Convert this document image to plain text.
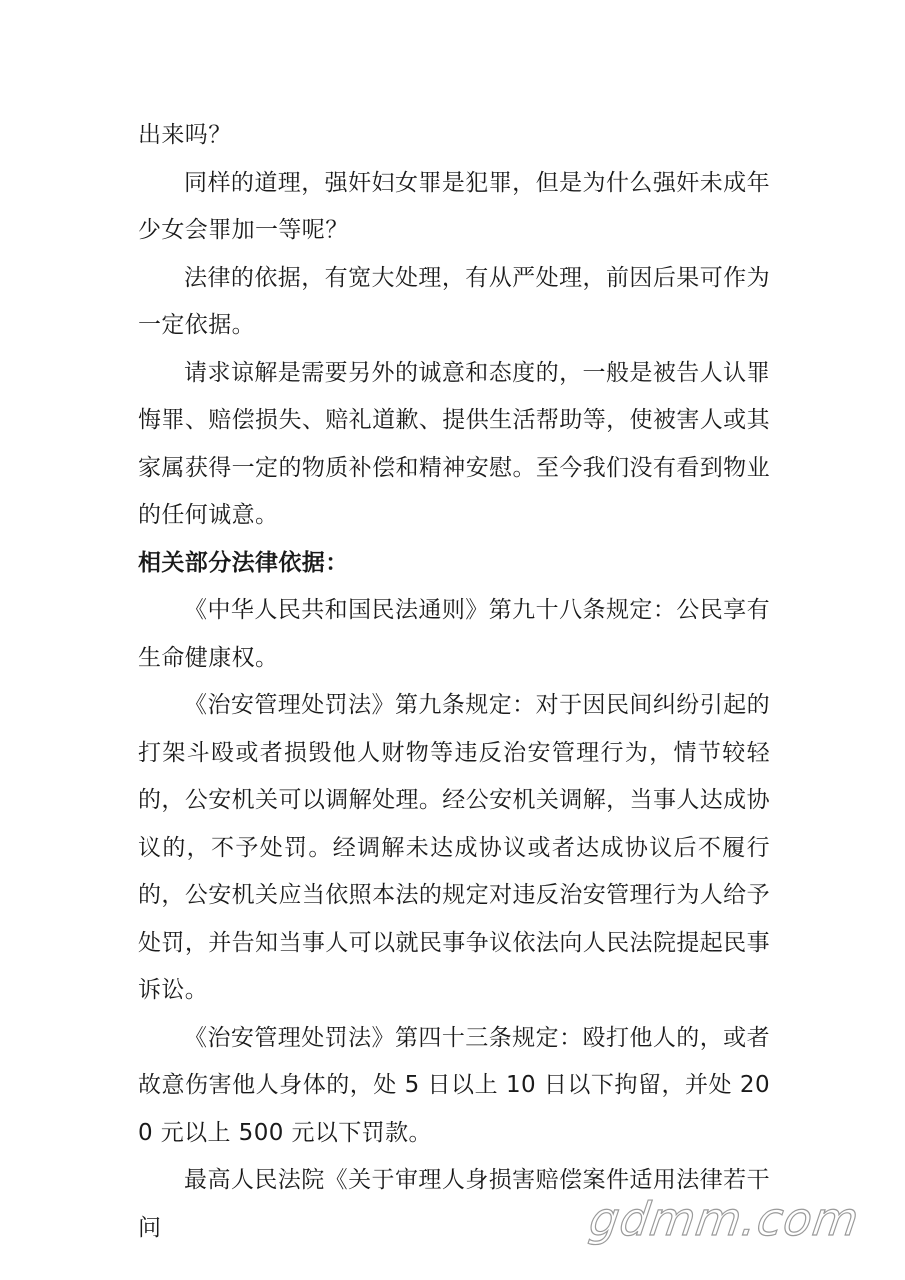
出来吗？

同样的道理，强奸妇女罪是犯罪，但是为什么强奸未成年少女会罪加一等呢？

法律的依据，有宽大处理，有从严处理，前因后果可作为一定依据。

请求谅解是需要另外的诚意和态度的，一般是被告人认罪悔罪、赔偿损失、赔礼道歉、提供生活帮助等，使被害人或其家属获得一定的物质补偿和精神安慰。至今我们没有看到物业的任何诚意。

相关部分法律依据：

《中华人民共和国民法通则》第九十八条规定：公民享有生命健康权。

《治安管理处罚法》第九条规定：对于因民间纠纷引起的打架斗殴或者损毁他人财物等违反治安管理行为，情节较轻的，公安机关可以调解处理。经公安机关调解，当事人达成协议的，不予处罚。经调解未达成协议或者达成协议后不履行的，公安机关应当依照本法的规定对违反治安管理行为人给予处罚，并告知当事人可以就民事争议依法向人民法院提起民事诉讼。

《治安管理处罚法》第四十三条规定：殴打他人的，或者故意伤害他人身体的，处 5 日以上 10 日以下拘留，并处 200 元以上 500 元以下罚款。

最高人民法院《关于审理人身损害赔偿案件适用法律若干问	gdmm.com
